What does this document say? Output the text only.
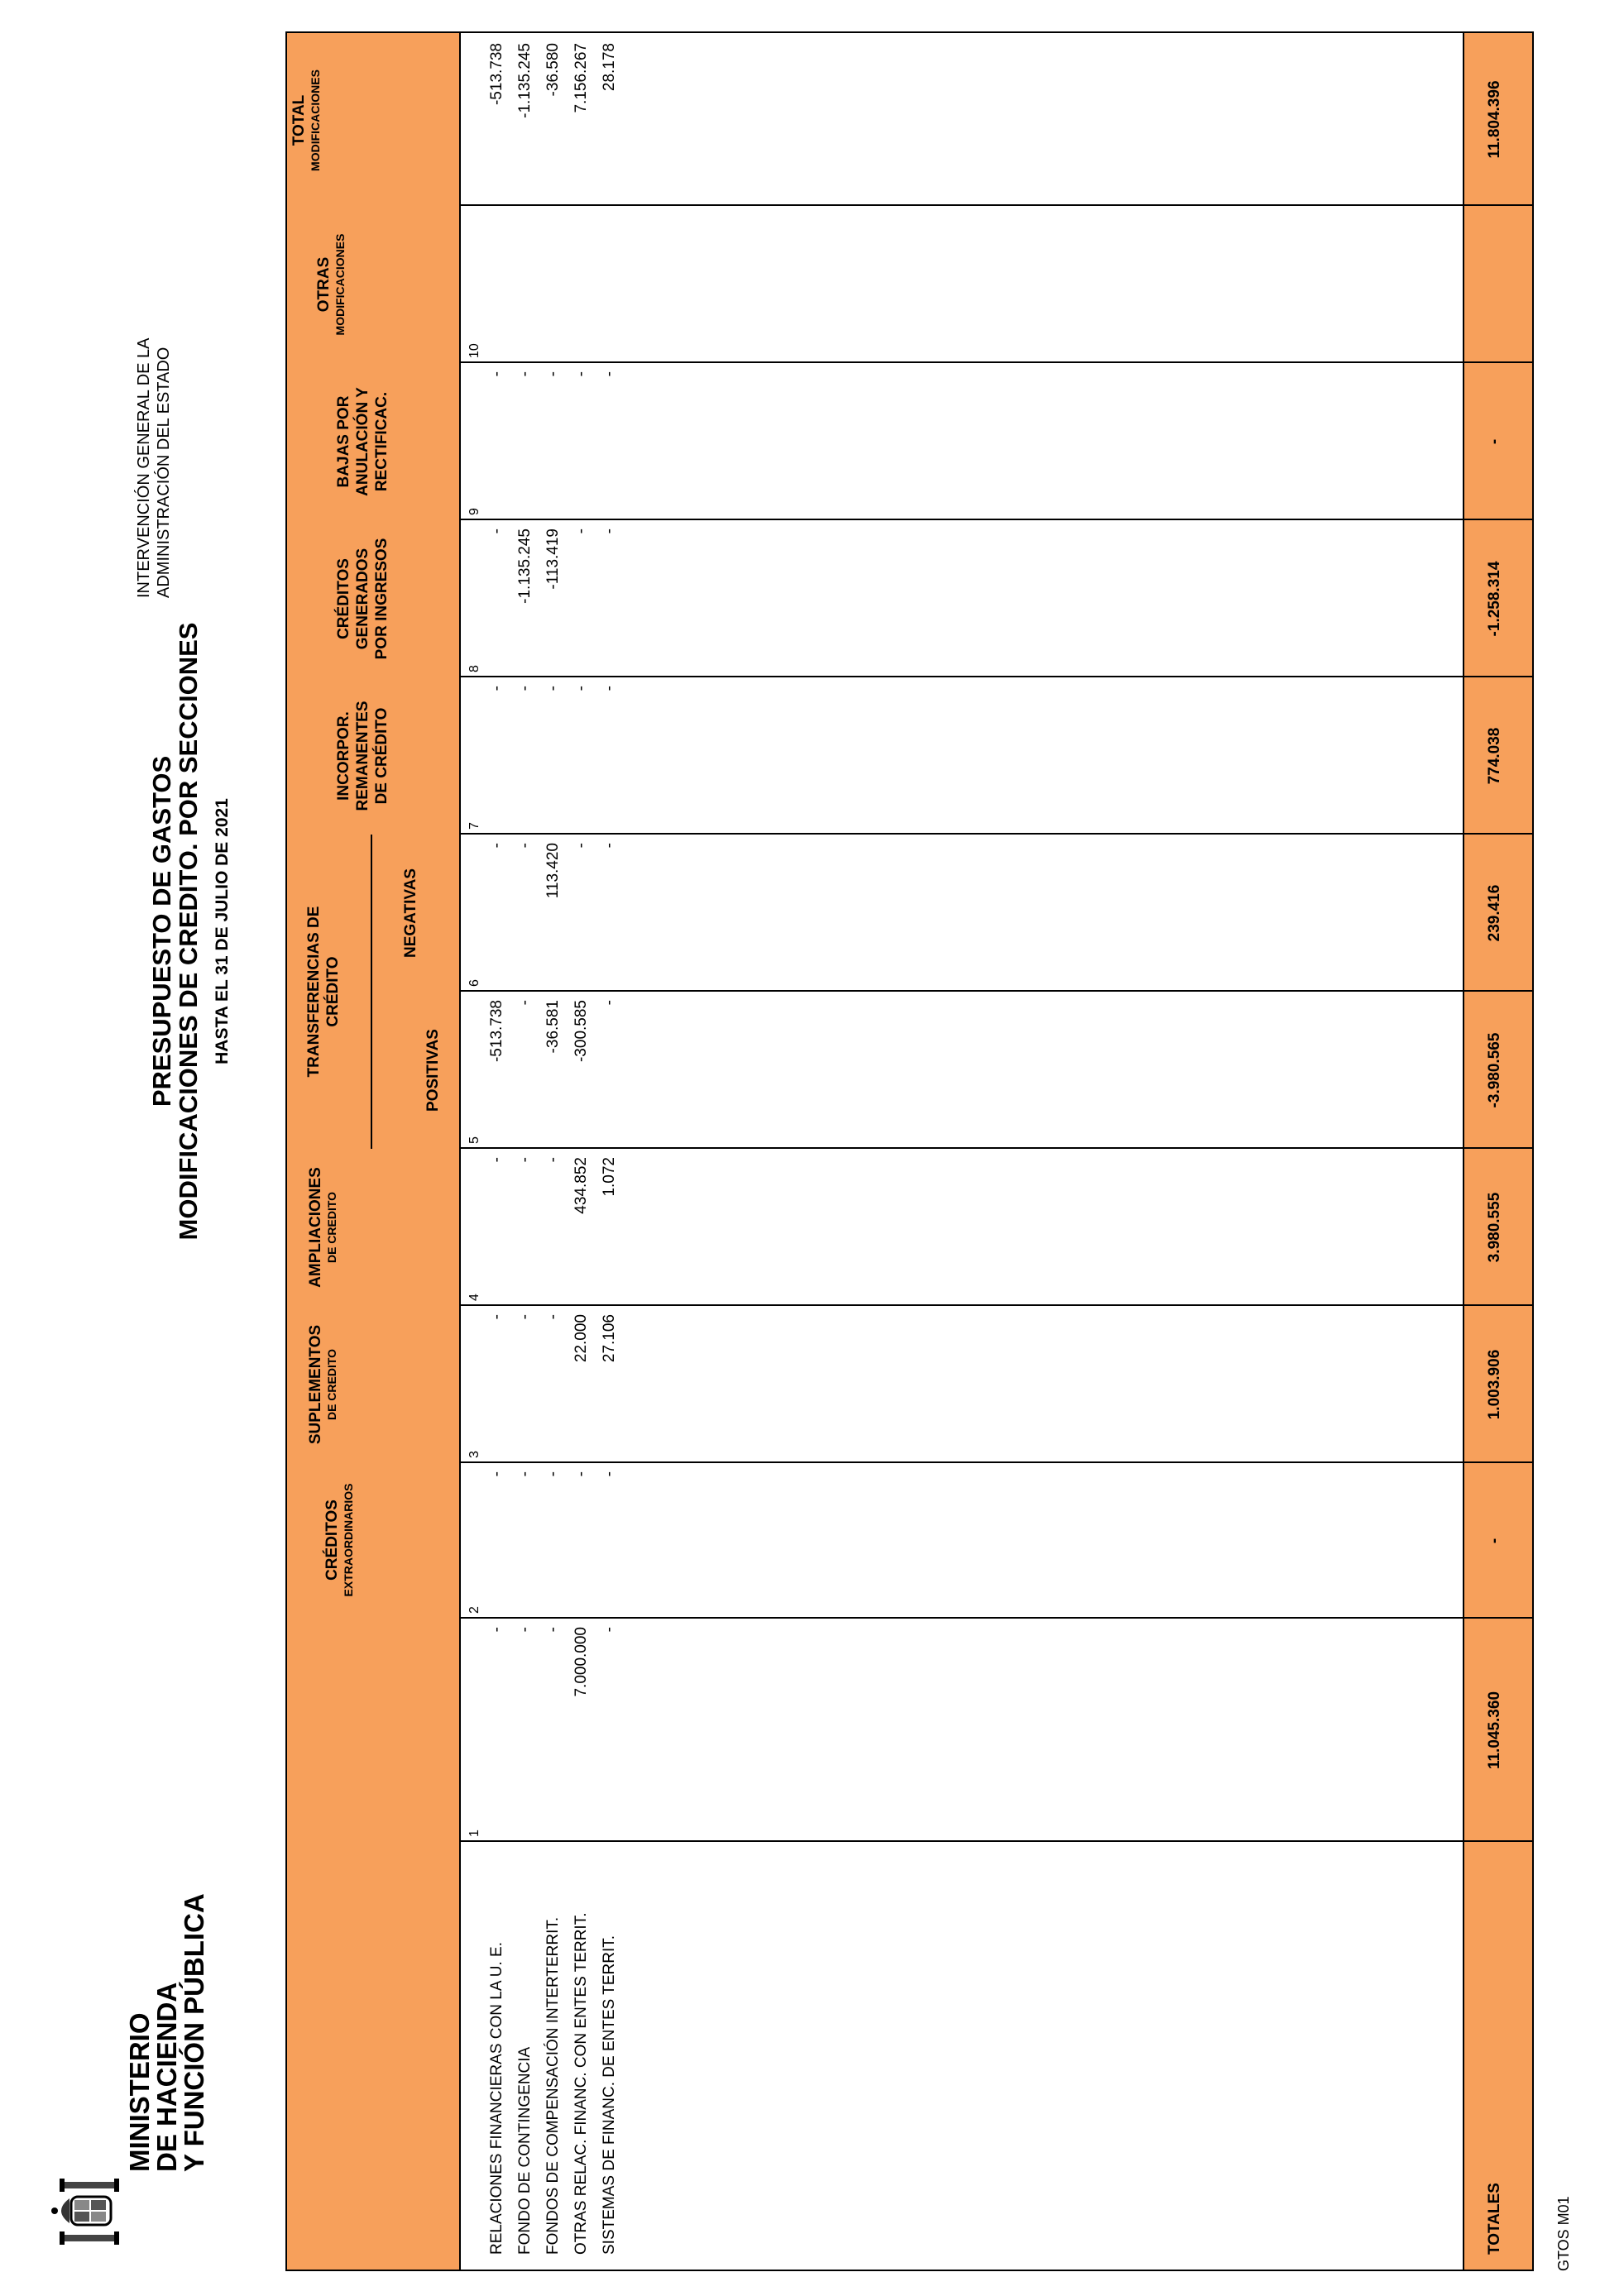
MINISTERIO
DE HACIENDA
Y FUNCIÓN PÚBLICA
PRESUPUESTO DE GASTOS
MODIFICACIONES DE CREDITO. POR SECCIONES HASTA EL 31 DE JULIO DE 2021
INTERVENCIÓN GENERAL DE LA ADMINISTRACIÓN DEL ESTADO
CRÉDITOS EXTRAORDINARIOS
SUPLEMENTOS DE CREDITO
AMPLIACIONES DE CREDITO
TRANSFERENCIAS DE CRÉDITO
POSITIVAS
NEGATIVAS
INCORPOR. REMANENTES DE CRÉDITO
CRÉDITOS GENERADOS POR INGRESOS
BAJAS POR ANULACIÓN Y RECTIFICAC.
OTRAS MODIFICACIONES
TOTAL MODIFICACIONES
1
2
3
4
5
6
7
8
9
10
RELACIONES FINANCIERAS CON LA U. E. FONDO DE CONTINGENCIA FONDOS DE COMPENSACIÓN INTERTERRIT. OTRAS RELAC. FINANC. CON ENTES TERRIT. SISTEMAS DE FINANC. DE ENTES TERRIT.
-
-
-
-
-513.738
-
-
-
-
-513.738
-
-
-
-
-
-
-
-1.135.245
-
-1.135.245
-
-
-
-
-36.581
113.420
-
-113.419
-
-36.580
7.000.000
-
22.000
434.852
-300.585
-
-
-
-
7.156.267
-
-
27.106
1.072
-
-
-
-
-
28.178
TOTALES
11.045.360
-
1.003.906
3.980.555
-3.980.565
239.416
774.038
-1.258.314
-
11.804.396
GTOS M01
